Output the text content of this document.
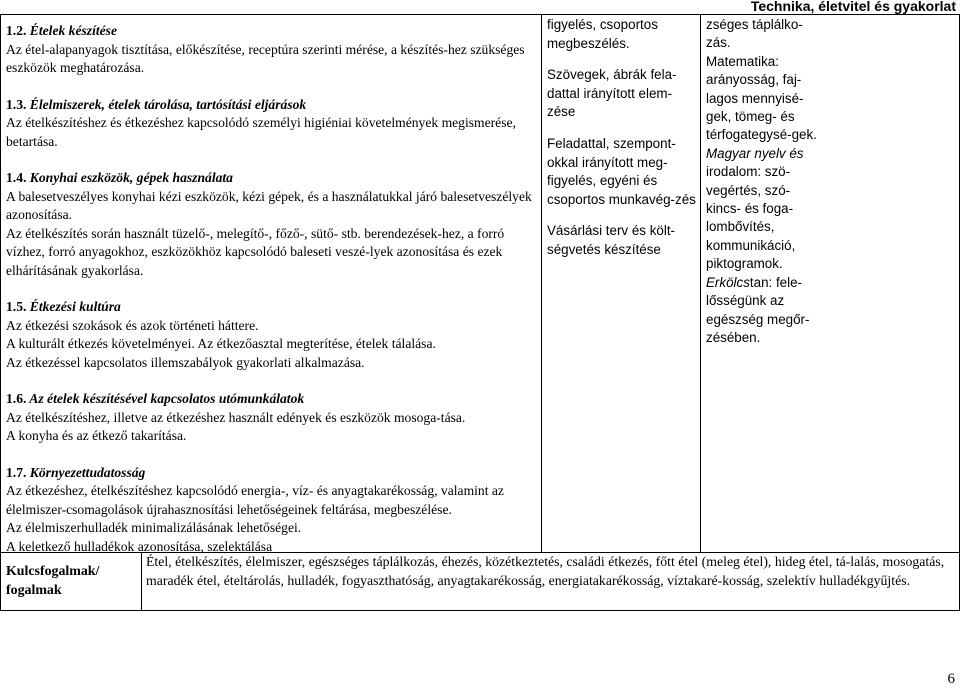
Technika, életvitel és gyakorlat
1.2. Ételek készítése

Az étel-alapanyagok tisztítása, előkészítése, receptúra szerinti mérése, a készítés-hez szükséges eszközök meghatározása.

1.3. Élelmiszerek, ételek tárolása, tartósítási eljárások

Az ételkészítéshez és étkezéshez kapcsolódó személyi higiéniai követelmények megismerése, betartása.

1.4. Konyhai eszközök, gépek használata

A balesetveszélyes konyhai kézi eszközök, kézi gépek, és a használatukkal járó balesetveszélyek azonosítása.

Az ételkészítés során használt tüzelő-, melegítő-, főző-, sütő- stb. berendezések-hez, a forró vízhez, forró anyagokhoz, eszközökhöz kapcsolódó baleseti veszé-lyek azonosítása és ezek elhárításának gyakorlása.

1.5. Étkezési kultúra

Az étkezési szokások és azok történeti háttere.

A kulturált étkezés követelményei. Az étkezőasztal megterítése, ételek tálalása.

Az étkezéssel kapcsolatos illemszabályok gyakorlati alkalmazása.

1.6. Az ételek készítésével kapcsolatos utómunkálatok

Az ételkészítéshez, illetve az étkezéshez használt edények és eszközök mosoga-tása.

A konyha és az étkező takarítása.

1.7. Környezettudatosság

Az étkezéshez, ételkészítéshez kapcsolódó energia-, víz- és anyagtakarékosság, valamint az élelmiszer-csomagolások újrahasznosítási lehetőségeinek feltárása, megbeszélése.

Az élelmiszerhulladék minimalizálásának lehetőségei.

A keletkező hulladékok azonosítása, szelektálása

figyelés, csoportos megbeszélés.

Szövegek, ábrák fela-dattal irányított elem-zése

Feladattal, szempont-okkal irányított meg-figyelés, egyéni és csoportos munkavég-zés

Vásárlási terv és költ-ségvetés készítése

zséges táplálko-zás.
Matematika: arányosság, faj-lagos mennyisé-gek, tömeg- és térfogategysé-gek.
Magyar nyelv és irodalom: szö-vegértés, szó-kincs- és foga-lombővítés, kommunikáció, piktogramok.
Erkölcstan: fele-lősségünk az egészség megőr-zésében.
Kulcsfogalmak/ fogalmak
Étel, ételkészítés, élelmiszer, egészséges táplálkozás, éhezés, közétkeztetés, családi étkezés, főtt étel (meleg étel), hideg étel, tá-lalás, mosogatás, maradék étel, ételtárolás, hulladék, fogyaszthatóság, anyagtakarékosság, energiatakarékosság, víztakaré-kosság, szelektív hulladékgyűjtés.
6
